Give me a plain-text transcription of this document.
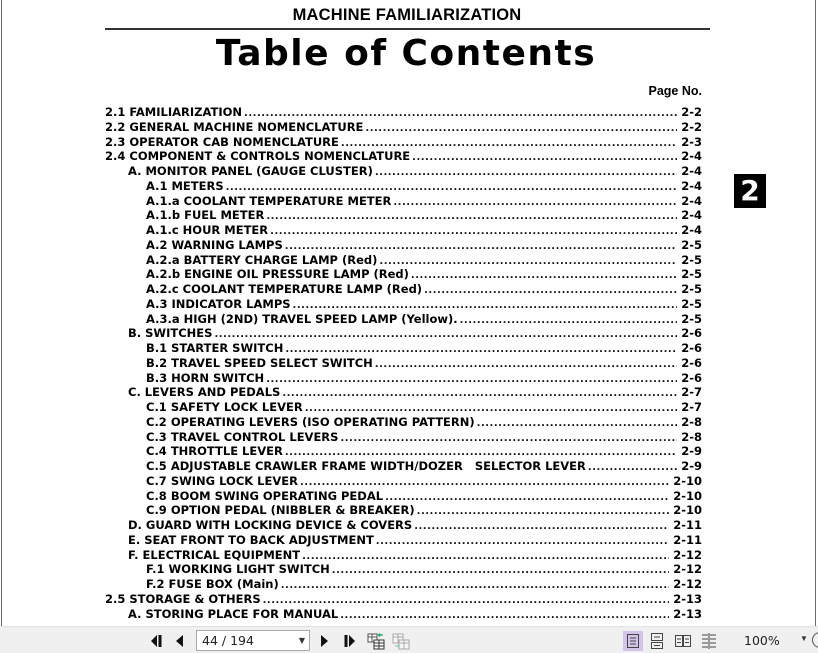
MACHINE FAMILIARIZATION
Table of Contents
Page No.
2.1 FAMILIARIZATION .....	2-2
2.2 GENERAL MACHINE NOMENCLATURE .....	2-2
2.3 OPERATOR CAB NOMENCLATURE .....	2-3
2.4 COMPONENT & CONTROLS NOMENCLATURE .....	2-4
A. MONITOR PANEL (GAUGE CLUSTER) .....	2-4
A.1 METERS .....	2-4
A.1.a COOLANT TEMPERATURE METER .....	2-4
A.1.b FUEL METER .....	2-4
A.1.c HOUR METER .....	2-4
A.2 WARNING LAMPS .....	2-5
A.2.a BATTERY CHARGE LAMP (Red) .....	2-5
A.2.b ENGINE OIL PRESSURE LAMP (Red) .....	2-5
A.2.c COOLANT TEMPERATURE LAMP (Red) .....	2-5
A.3 INDICATOR LAMPS .....	2-5
A.3.a HIGH (2ND) TRAVEL SPEED LAMP (Yellow). .....	2-5
B. SWITCHES .....	2-6
B.1 STARTER SWITCH .....	2-6
B.2 TRAVEL SPEED SELECT SWITCH .....	2-6
B.3 HORN SWITCH .....	2-6
C. LEVERS AND PEDALS .....	2-7
C.1 SAFETY LOCK LEVER .....	2-7
C.2 OPERATING LEVERS (ISO OPERATING PATTERN) .....	2-8
C.3 TRAVEL CONTROL LEVERS .....	2-8
C.4 THROTTLE LEVER .....	2-9
C.5 ADJUSTABLE CRAWLER FRAME WIDTH/DOZER   SELECTOR LEVER .....	2-9
C.7 SWING LOCK LEVER .....	2-10
C.8 BOOM SWING OPERATING PEDAL .....	2-10
C.9 OPTION PEDAL (NIBBLER & BREAKER) .....	2-10
D. GUARD WITH LOCKING DEVICE & COVERS .....	2-11
E. SEAT FRONT TO BACK ADJUSTMENT .....	2-11
F. ELECTRICAL EQUIPMENT .....	2-12
F.1 WORKING LIGHT SWITCH .....	2-12
F.2 FUSE BOX (Main) .....	2-12
2.5 STORAGE & OTHERS .....	2-13
A. STORING PLACE FOR MANUAL .....	2-13
2
44 / 194	▼	100%	▼
